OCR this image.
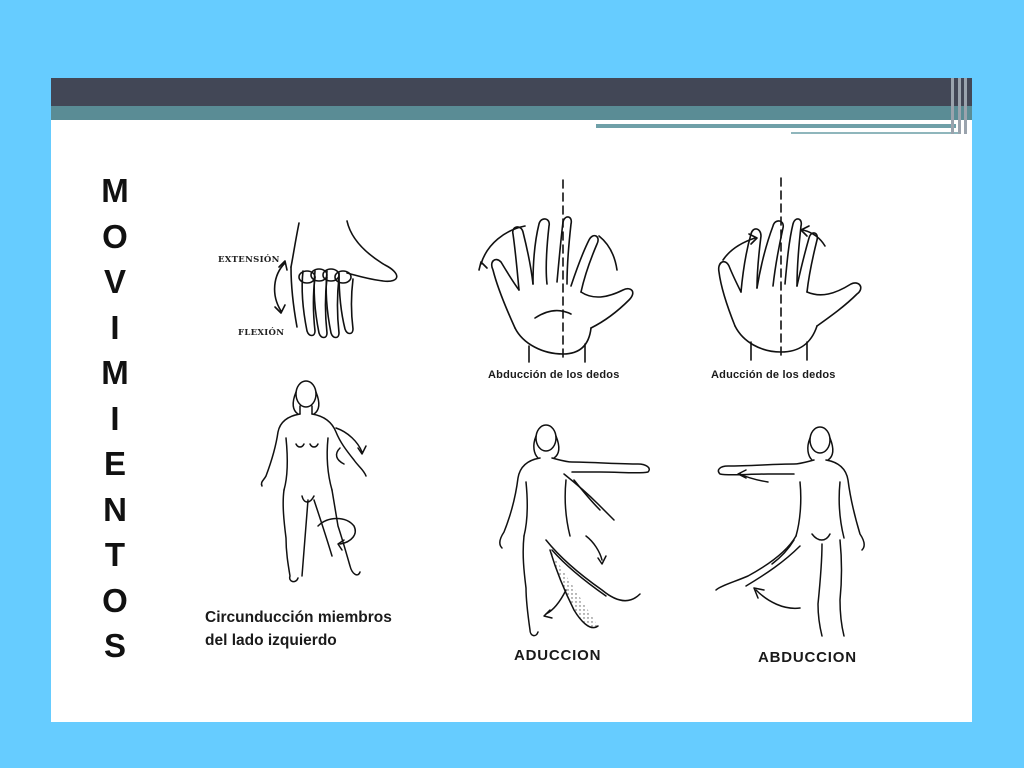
M
O
V
I
M
I
E
N
T
O
S
EXTENSIÓN
FLEXIÓN
Abducción de los dedos	Aducción de los dedos
Circunducción miembros
del lado izquierdo
ADUCCION	ABDUCCION
